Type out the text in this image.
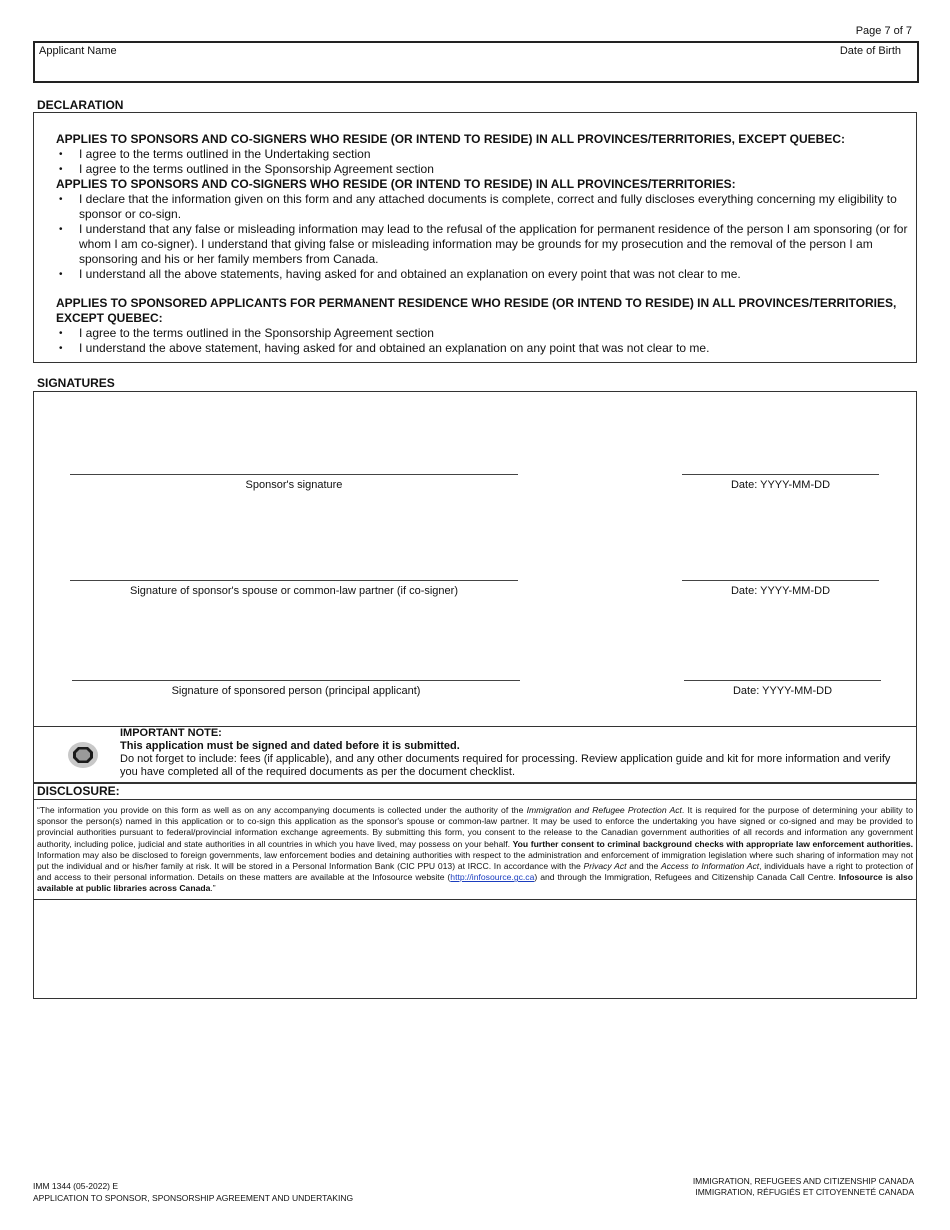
Page 7 of 7
Applicant Name	Date of Birth
DECLARATION
APPLIES TO SPONSORS AND CO-SIGNERS WHO RESIDE (OR INTEND TO RESIDE) IN ALL PROVINCES/TERRITORIES, EXCEPT QUEBEC:
• I agree to the terms outlined in the Undertaking section
• I agree to the terms outlined in the Sponsorship Agreement section
APPLIES TO SPONSORS AND CO-SIGNERS WHO RESIDE (OR INTEND TO RESIDE) IN ALL PROVINCES/TERRITORIES:
• I declare that the information given on this form and any attached documents is complete, correct and fully discloses everything concerning my eligibility to sponsor or co-sign.
• I understand that any false or misleading information may lead to the refusal of the application for permanent residence of the person I am sponsoring (or for whom I am co-signer). I understand that giving false or misleading information may be grounds for my prosecution and the removal of the person I am sponsoring and his or her family members from Canada.
• I understand all the above statements, having asked for and obtained an explanation on every point that was not clear to me.
APPLIES TO SPONSORED APPLICANTS FOR PERMANENT RESIDENCE WHO RESIDE (OR INTEND TO RESIDE) IN ALL PROVINCES/TERRITORIES, EXCEPT QUEBEC:
• I agree to the terms outlined in the Sponsorship Agreement section
• I understand the above statement, having asked for and obtained an explanation on any point that was not clear to me.
SIGNATURES
Sponsor's signature	Date: YYYY-MM-DD
Signature of sponsor's spouse or common-law partner (if co-signer)	Date: YYYY-MM-DD
Signature of sponsored person (principal applicant)	Date: YYYY-MM-DD
IMPORTANT NOTE:
This application must be signed and dated before it is submitted.
Do not forget to include: fees (if applicable), and any other documents required for processing. Review application guide and kit for more information and verify you have completed all of the required documents as per the document checklist.
DISCLOSURE:
“The information you provide on this form as well as on any accompanying documents is collected under the authority of the Immigration and Refugee Protection Act. It is required for the purpose of determining your ability to sponsor the person(s) named in this application or to co-sign this application as the sponsor's spouse or common-law partner. It may be used to enforce the undertaking you have signed or co-signed and may be provided to provincial authorities pursuant to federal/provincial information exchange agreements. By submitting this form, you consent to the release to the Canadian government authorities of all records and information any government authority, including police, judicial and state authorities in all countries in which you have lived, may possess on your behalf. You further consent to criminal background checks with appropriate law enforcement authorities. Information may also be disclosed to foreign governments, law enforcement bodies and detaining authorities with respect to the administration and enforcement of immigration legislation where such sharing of information may not put the individual and or his/her family at risk. It will be stored in a Personal Information Bank (CIC PPU 013) at IRCC. In accordance with the Privacy Act and the Access to Information Act, individuals have a right to protection of and access to their personal information. Details on these matters are available at the Infosource website (http://infosource.gc.ca) and through the Immigration, Refugees and Citizenship Canada Call Centre. Infosource is also available at public libraries across Canada.”
IMM 1344 (05-2022) E
APPLICATION TO SPONSOR, SPONSORSHIP AGREEMENT AND UNDERTAKING
IMMIGRATION, REFUGEES AND CITIZENSHIP CANADA
IMMIGRATION, RÉFUGIÉS ET CITOYENNETÉ CANADA
